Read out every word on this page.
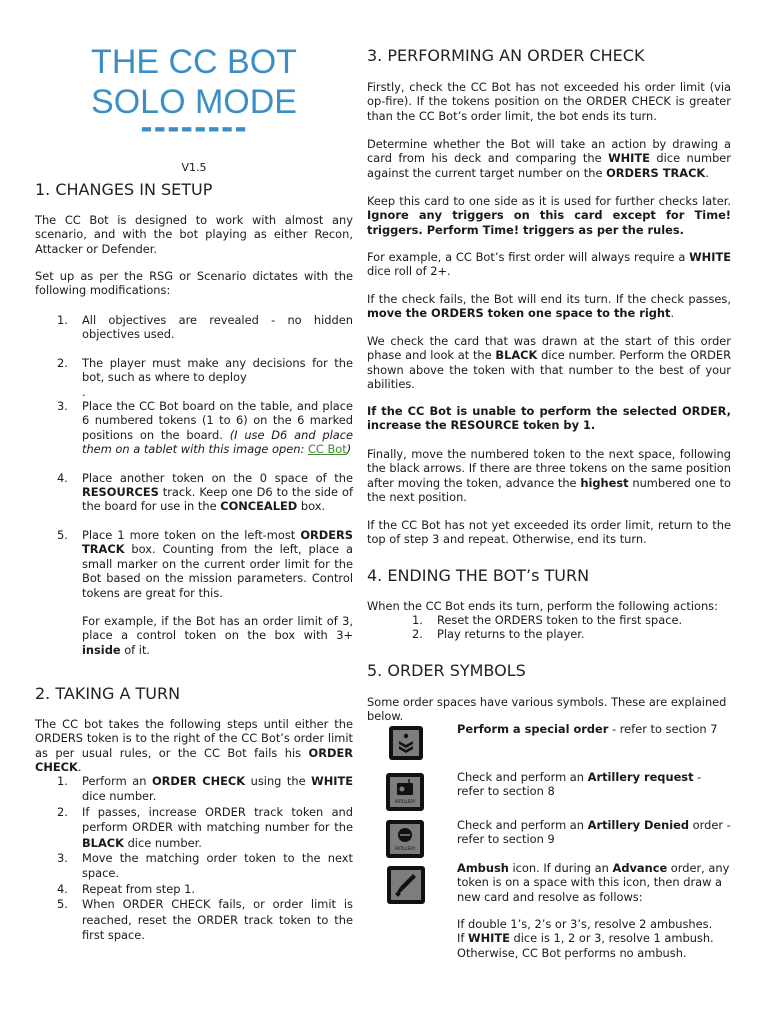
THE CC BOT
SOLO MODE
--------
V1.5
1. CHANGES IN SETUP

The CC Bot is designed to work with almost any scenario, and with the bot playing as either Recon, Attacker or Defender.

Set up as per the RSG or Scenario dictates with the following modifications:

1. All objectives are revealed - no hidden objectives used.
2. The player must make any decisions for the bot, such as where to deploy
.
3. Place the CC Bot board on the table, and place 6 numbered tokens (1 to 6) on the 6 marked positions on the board. (I use D6 and place them on a tablet with this image open: CC Bot)
4. Place another token on the 0 space of the RESOURCES track. Keep one D6 to the side of the board for use in the CONCEALED box.
5. Place 1 more token on the left-most ORDERS TRACK box. Counting from the left, place a small marker on the current order limit for the Bot based on the mission parameters. Control tokens are great for this.
For example, if the Bot has an order limit of 3, place a control token on the box with 3+ inside of it.
2. TAKING A TURN

The CC bot takes the following steps until either the ORDERS token is to the right of the CC Bot’s order limit as per usual rules, or the CC Bot fails his ORDER CHECK.

1. Perform an ORDER CHECK using the WHITE dice number.
2. If passes, increase ORDER track token and perform ORDER with matching number for the BLACK dice number.
3. Move the matching order token to the next space.
4. Repeat from step 1.
5. When ORDER CHECK fails, or order limit is reached, reset the ORDER track token to the first space.
3. PERFORMING AN ORDER CHECK

Firstly, check the CC Bot has not exceeded his order limit (via op-fire). If the tokens position on the ORDER CHECK is greater than the CC Bot’s order limit, the bot ends its turn.

Determine whether the Bot will take an action by drawing a card from his deck and comparing the WHITE dice number against the current target number on the ORDERS TRACK.

Keep this card to one side as it is used for further checks later. Ignore any triggers on this card except for Time! triggers. Perform Time! triggers as per the rules.

For example, a CC Bot’s first order will always require a WHITE dice roll of 2+.

If the check fails, the Bot will end its turn. If the check passes, move the ORDERS token one space to the right.

We check the card that was drawn at the start of this order phase and look at the BLACK dice number. Perform the ORDER shown above the token with that number to the best of your abilities.

If the CC Bot is unable to perform the selected ORDER, increase the RESOURCE token by 1.

Finally, move the numbered token to the next space, following the black arrows. If there are three tokens on the same position after moving the token, advance the highest numbered one to the next position.

If the CC Bot has not yet exceeded its order limit, return to the top of step 3 and repeat. Otherwise, end its turn.

4. ENDING THE BOT’s TURN

When the CC Bot ends its turn, perform the following actions:

1. Reset the ORDERS token to the first space.
2. Play returns to the player.
5. ORDER SYMBOLS

Some order spaces have various symbols. These are explained below.

ARTILLERY
ARTILLERY

Perform a special order - refer to section 7

Check and perform an Artillery request - refer to section 8

Check and perform an Artillery Denied order - refer to section 9

Ambush icon. If during an Advance order, any token is on a space with this icon, then draw a new card and resolve as follows:

If double 1’s, 2’s or 3’s, resolve 2 ambushes.
If WHITE dice is 1, 2 or 3, resolve 1 ambush.
Otherwise, CC Bot performs no ambush.
